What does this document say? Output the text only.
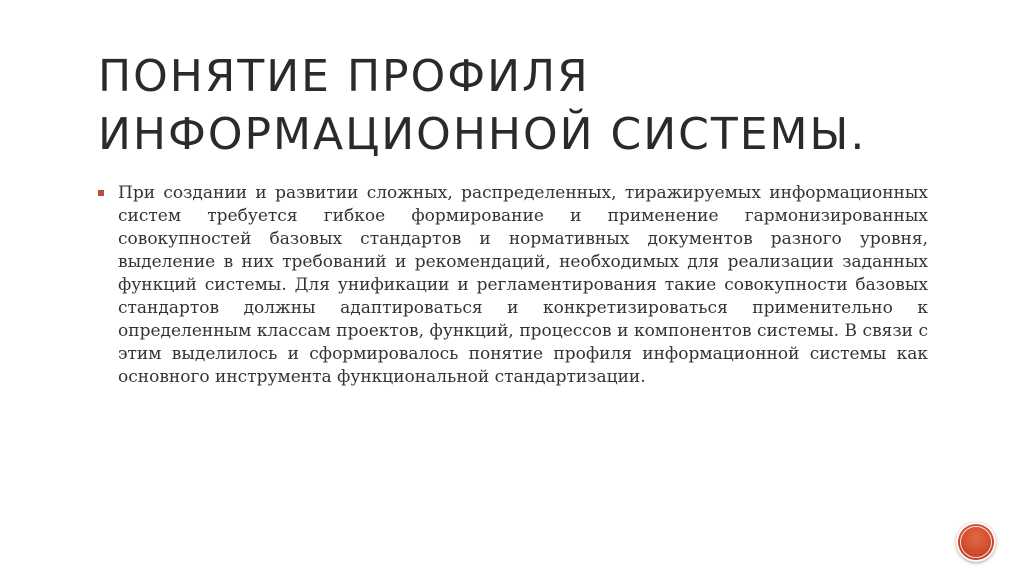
ПОНЯТИЕ ПРОФИЛЯ
ИНФОРМАЦИОННОЙ СИСТЕМЫ.

При создании и развитии сложных, распределенных, тиражируемых информационных систем требуется гибкое формирование и применение гармонизированных совокупностей базовых стандартов и нормативных документов разного уровня, выделение в них требований и рекомендаций, необходимых для реализации заданных функций системы. Для унификации и регламентирования такие совокупности базовых стандартов должны адаптироваться и конкретизироваться применительно к определенным классам проектов, функций, процессов и компонентов системы. В связи с этим выделилось и сформировалось понятие профиля информационной системы как основного инструмента функциональной стандартизации.
